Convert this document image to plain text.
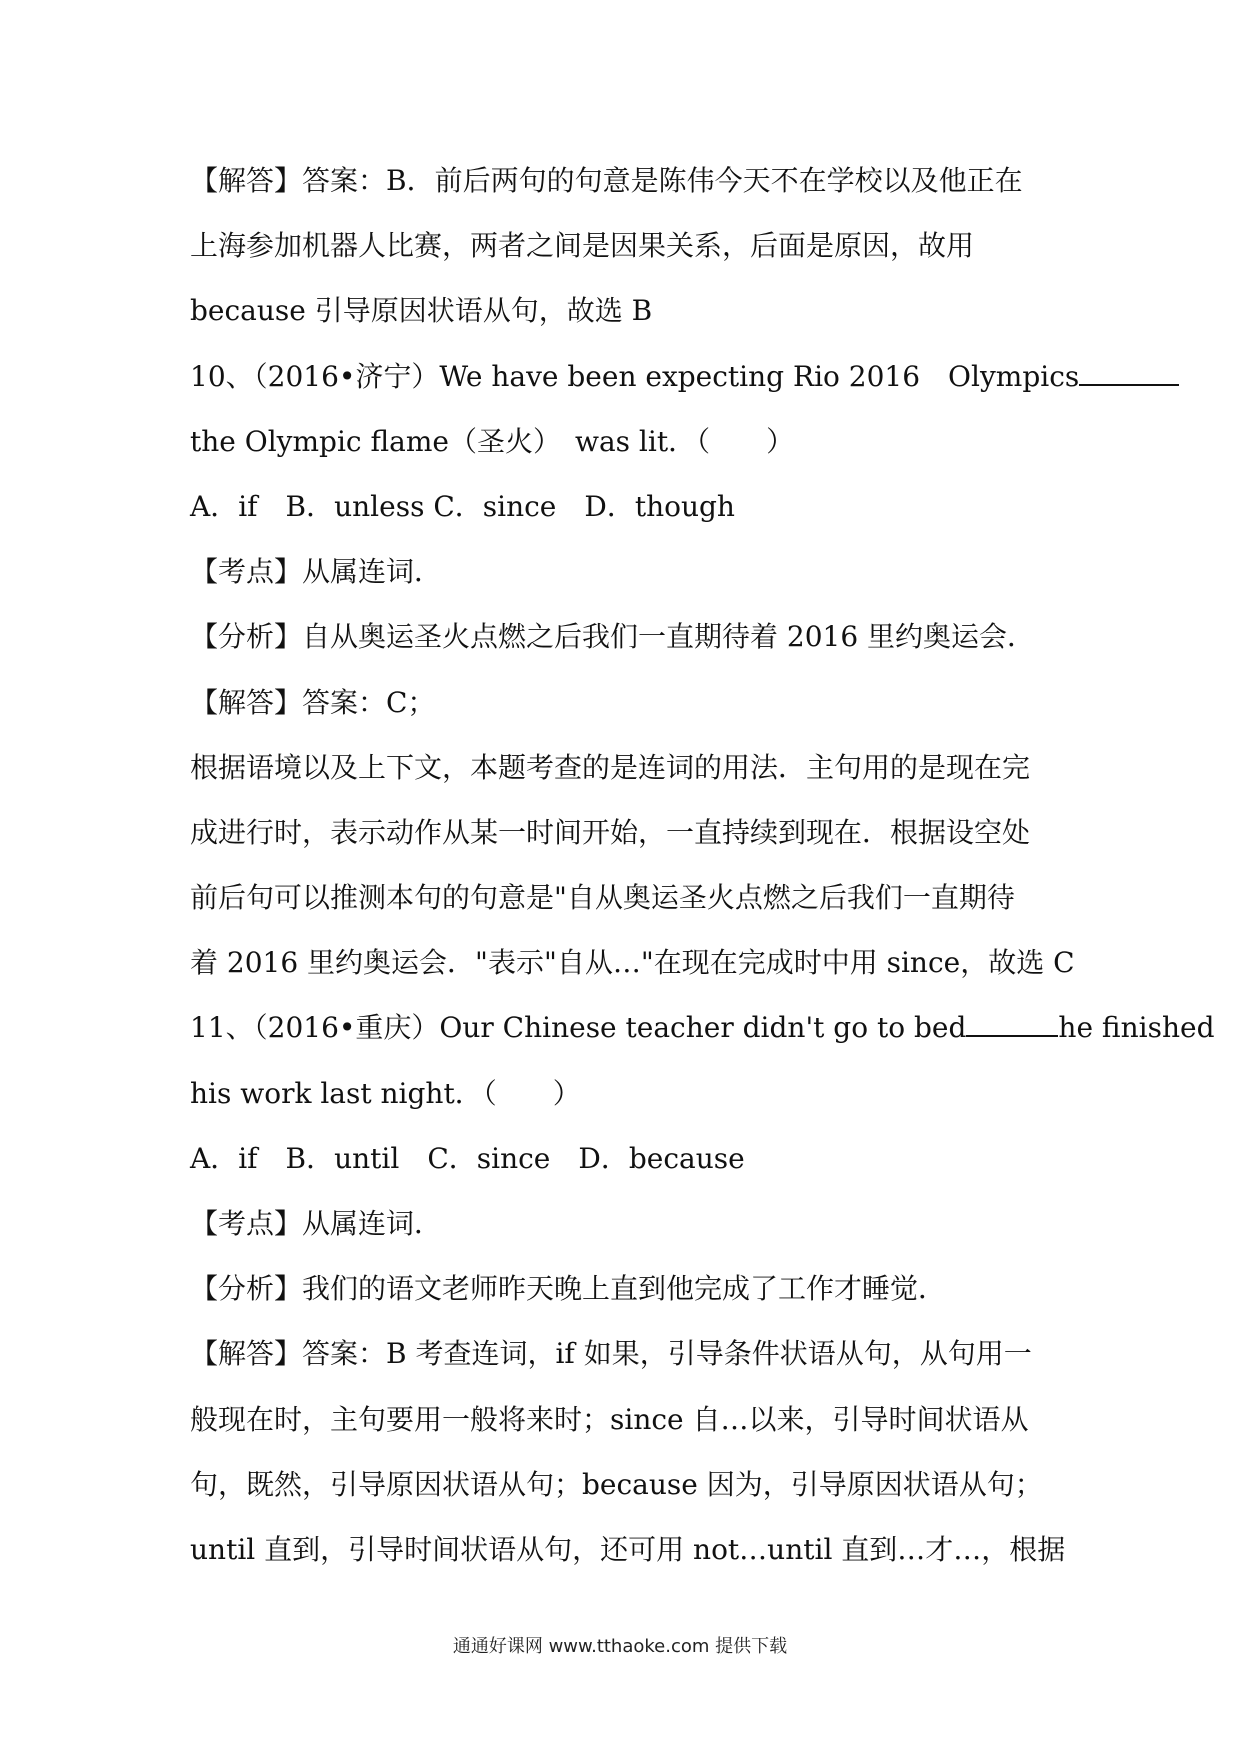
【解答】答案：B．前后两句的句意是陈伟今天不在学校以及他正在
上海参加机器人比赛，两者之间是因果关系，后面是原因，故用
because 引导原因状语从句，故选 B
10、（2016•济宁）We have been expecting Rio 2016　Olympics
the Olympic flame（圣火）　was lit．（　　）
A．if　B．unless C．since　D．though
【考点】从属连词．
【分析】自从奥运圣火点燃之后我们一直期待着 2016 里约奥运会．
【解答】答案：C；
根据语境以及上下文，本题考查的是连词的用法．主句用的是现在完
成进行时，表示动作从某一时间开始，一直持续到现在．根据设空处
前后句可以推测本句的句意是"自从奥运圣火点燃之后我们一直期待
着 2016 里约奥运会．"表示"自从…"在现在完成时中用 since，故选 C
11、（2016•重庆）Our Chinese teacher didn't go to bed	he finished
his work last night．（　　）
A．if　B．until　C．since　D．because
【考点】从属连词．
【分析】我们的语文老师昨天晚上直到他完成了工作才睡觉．
【解答】答案：B 考查连词，if 如果，引导条件状语从句，从句用一
般现在时，主句要用一般将来时；since 自…以来，引导时间状语从
句，既然，引导原因状语从句；because 因为，引导原因状语从句；
until 直到，引导时间状语从句，还可用 not…until 直到…才…，根据
通通好课网 www.tthaoke.com 提供下载
